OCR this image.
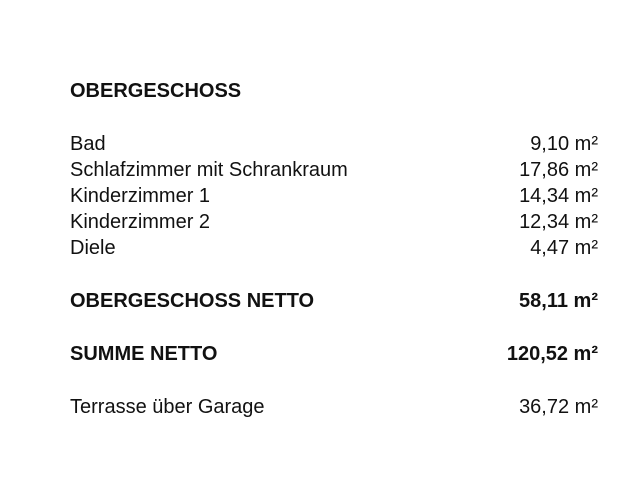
OBERGESCHOSS
Bad	9,10 m²
Schlafzimmer mit Schrankraum	17,86 m²
Kinderzimmer 1	14,34 m²
Kinderzimmer 2	12,34 m²
Diele	4,47 m²
OBERGESCHOSS NETTO	58,11 m²
SUMME NETTO	120,52 m²
Terrasse über Garage	36,72 m²
